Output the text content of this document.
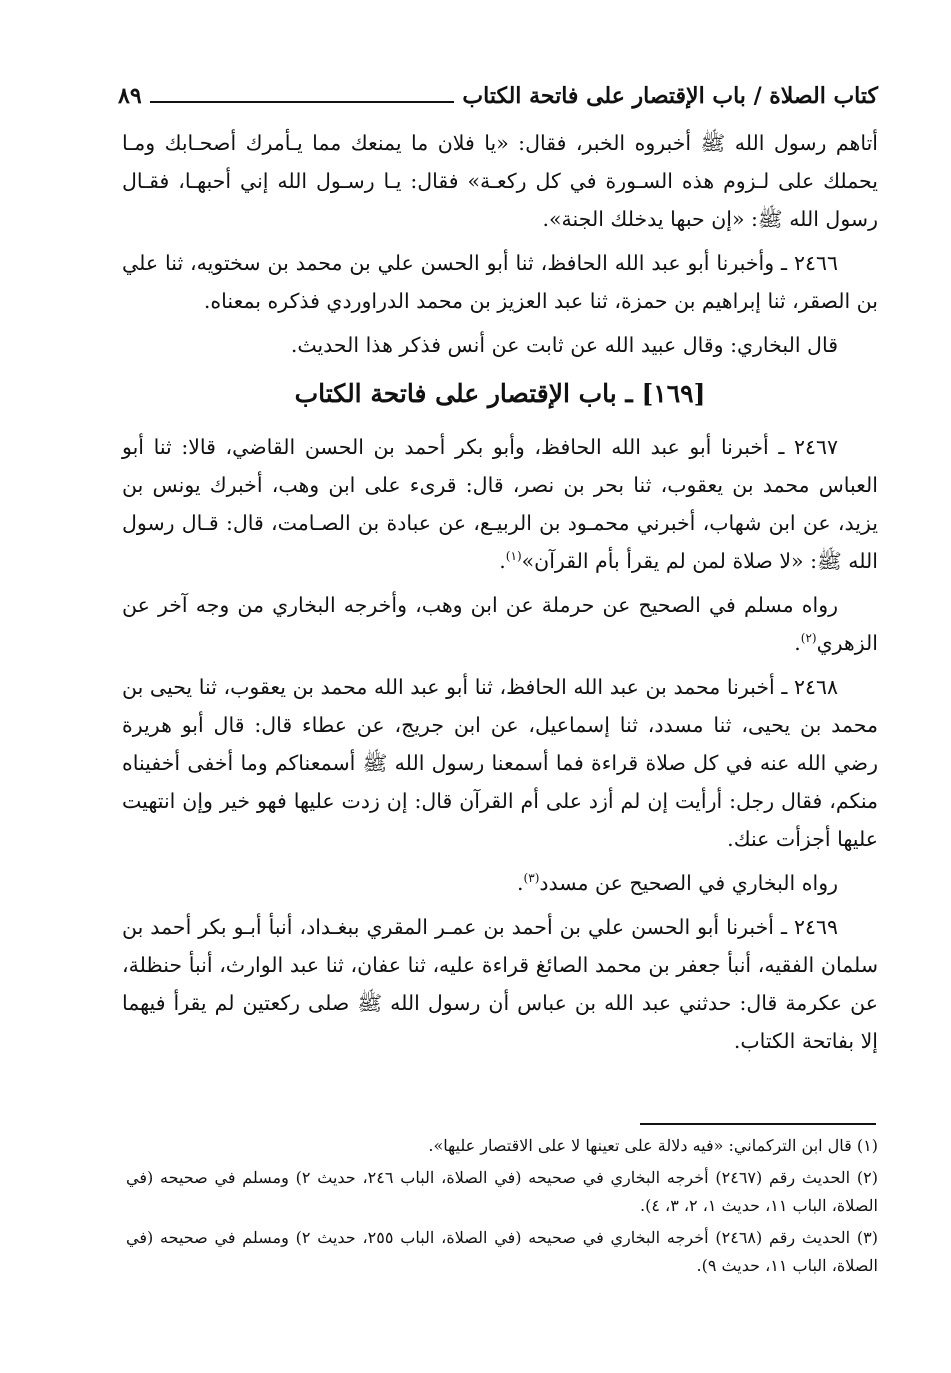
كتاب الصلاة / باب الإقتصار على فاتحة الكتاب
٨٩

أتاهم رسول الله ﷺ أخبروه الخبر، فقال: «يا فلان ما يمنعك مما يـأمرك أصحـابك ومـا يحملك على لـزوم هذه السـورة في كل ركعـة» فقال: يـا رسـول الله إني أحبهـا، فقـال رسول الله ﷺ: «إن حبها يدخلك الجنة».

٢٤٦٦ ـ وأخبرنا أبو عبد الله الحافظ، ثنا أبو الحسن علي بن محمد بن سختويه، ثنا علي بن الصقر، ثنا إبراهيم بن حمزة، ثنا عبد العزيز بن محمد الدراوردي فذكره بمعناه.

قال البخاري: وقال عبيد الله عن ثابت عن أنس فذكر هذا الحديث.

[١٦٩] ـ باب الإقتصار على فاتحة الكتاب

٢٤٦٧ ـ أخبرنا أبو عبد الله الحافظ، وأبو بكر أحمد بن الحسن القاضي، قالا: ثنا أبو العباس محمد بن يعقوب، ثنا بحر بن نصر، قال: قرىء على ابن وهب، أخبرك يونس بن يزيد، عن ابن شهاب، أخبرني محمـود بن الربيـع، عن عبادة بن الصـامت، قال: قـال رسول الله ﷺ: «لا صلاة لمن لم يقرأ بأم القرآن»$^{(١)}$.

رواه مسلم في الصحيح عن حرملة عن ابن وهب، وأخرجه البخاري من وجه آخر عن الزهري$^{(٢)}$.

٢٤٦٨ ـ أخبرنا محمد بن عبد الله الحافظ، ثنا أبو عبد الله محمد بن يعقوب، ثنا يحيى بن محمد بن يحيى، ثنا مسدد، ثنا إسماعيل، عن ابن جريج، عن عطاء قال: قال أبو هريرة رضي الله عنه في كل صلاة قراءة فما أسمعنا رسول الله ﷺ أسمعناكم وما أخفى أخفيناه منكم، فقال رجل: أرأيت إن لم أزد على أم القرآن قال: إن زدت عليها فهو خير وإن انتهيت عليها أجزأت عنك.

رواه البخاري في الصحيح عن مسدد$^{(٣)}$.

٢٤٦٩ ـ أخبرنا أبو الحسن علي بن أحمد بن عمـر المقري ببغـداد، أنبأ أبـو بكر أحمد بن سلمان الفقيه، أنبأ جعفر بن محمد الصائغ قراءة عليه، ثنا عفان، ثنا عبد الوارث، أنبأ حنظلة، عن عكرمة قال: حدثني عبد الله بن عباس أن رسول الله ﷺ صلى ركعتين لم يقرأ فيهما إلا بفاتحة الكتاب.

(١) قال ابن التركماني: «فيه دلالة على تعينها لا على الاقتصار عليها».

(٢) الحديث رقم (٢٤٦٧) أخرجه البخاري في صحيحه (في الصلاة، الباب ٢٤٦، حديث ٢) ومسلم في صحيحه (في الصلاة، الباب ١١، حديث ١، ٢، ٣، ٤).

(٣) الحديث رقم (٢٤٦٨) أخرجه البخاري في صحيحه (في الصلاة، الباب ٢٥٥، حديث ٢) ومسلم في صحيحه (في الصلاة، الباب ١١، حديث ٩).
